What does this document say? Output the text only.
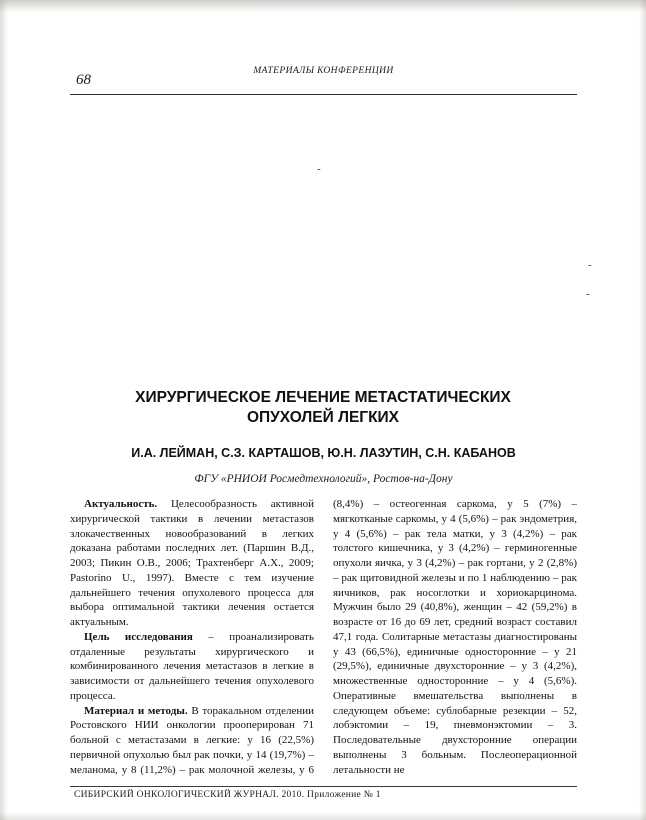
68
МАТЕРИАЛЫ КОНФЕРЕНЦИИ
-
-
-
ХИРУРГИЧЕСКОЕ ЛЕЧЕНИЕ МЕТАСТАТИЧЕСКИХ ОПУХОЛЕЙ ЛЕГКИХ
И.А. ЛЕЙМАН, С.З. КАРТАШОВ, Ю.Н. ЛАЗУТИН, С.Н. КАБАНОВ
ФГУ «РНИОИ Росмедтехнологий», Ростов-на-Дону

Актуальность. Целесообразность активной хирургической тактики в лечении метастазов злокачественных новообразований в легких доказана работами последних лет. (Паршин В.Д., 2003; Пикин О.В., 2006; Трахтенберг А.Х., 2009; Pastorino U., 1997). Вместе с тем изучение дальнейшего течения опухолевого процесса для выбора оптимальной тактики лечения остается актуальным.

Цель исследования – проанализировать отдаленные результаты хирургического и комбинированного лечения метастазов в легкие в зависимости от дальнейшего течения опухолевого процесса.

Материал и методы. В торакальном отделении Ростовского НИИ онкологии прооперирован 71 больной с метастазами в легкие: у 16 (22,5%) первичной опухолью был рак почки, у 14 (19,7%) – меланома, у 8 (11,2%) – рак молочной железы, у 6 (8,4%) – остеогенная саркома, у 5 (7%) – мягкотканые саркомы, у 4 (5,6%) – рак эндометрия, у 4 (5,6%) – рак тела матки, у 3 (4,2%) – рак толстого кишечника, у 3 (4,2%) – герминогенные опухоли яичка, у 3 (4,2%) – рак гортани, у 2 (2,8%) – рак щитовидной железы и по 1 наблюдению – рак яичников, рак носоглотки и хориокарцинома. Мужчин было 29 (40,8%), женщин – 42 (59,2%) в возрасте от 16 до 69 лет, средний возраст составил 47,1 года. Солитарные метастазы диагностированы у 43 (66,5%), единичные односторонние – у 21 (29,5%), единичные двухсторонние – у 3 (4,2%), множественные односторонние – у 4 (5,6%). Оперативные вмешательства выполнены в следующем объеме: сублобарные резекции – 52, лобэктомии – 19, пневмонэктомии – 3. Последовательные двухсторонние операции выполнены 3 больным. Послеоперационной летальности не

СИБИРСКИЙ ОНКОЛОГИЧЕСКИЙ ЖУРНАЛ. 2010. Приложение № 1
